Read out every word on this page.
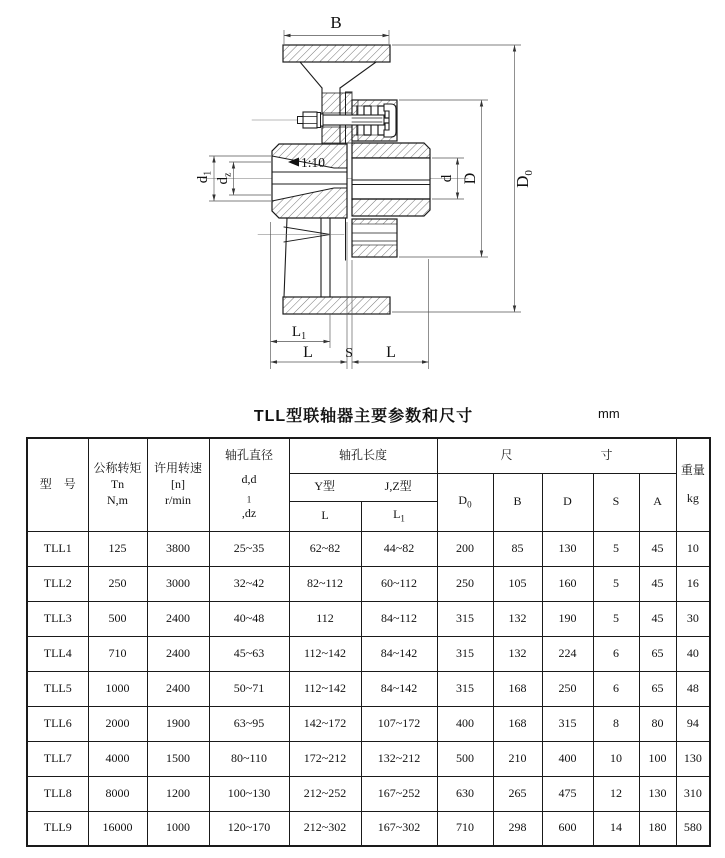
B
1:10
$D_0$
D
d
$d_1$
$d_z$
$L_1$
L S L
TLL型联轴器主要参数和尺寸	mm
型    号	公称转矩
Tn
N,m	许用转速
[n]
r/min	轴孔直径
d,d
$_1$
,dz	轴孔长度		尺 寸					重量
kg

				Y型 J,Z型		$D_0$	B	D	S	A	
				L	$L_1$
TLL1	125	3800	25~35	62~82	44~82	200	85	130	5	45	10
TLL2	250	3000	32~42	82~112	60~112	250	105	160	5	45	16
TLL3	500	2400	40~48	112	84~112	315	132	190	5	45	30
TLL4	710	2400	45~63	112~142	84~142	315	132	224	6	65	40
TLL5	1000	2400	50~71	112~142	84~142	315	168	250	6	65	48
TLL6	2000	1900	63~95	142~172	107~172	400	168	315	8	80	94
TLL7	4000	1500	80~110	172~212	132~212	500	210	400	10	100	130
TLL8	8000	1200	100~130	212~252	167~252	630	265	475	12	130	310
TLL9	16000	1000	120~170	212~302	167~302	710	298	600	14	180	580
